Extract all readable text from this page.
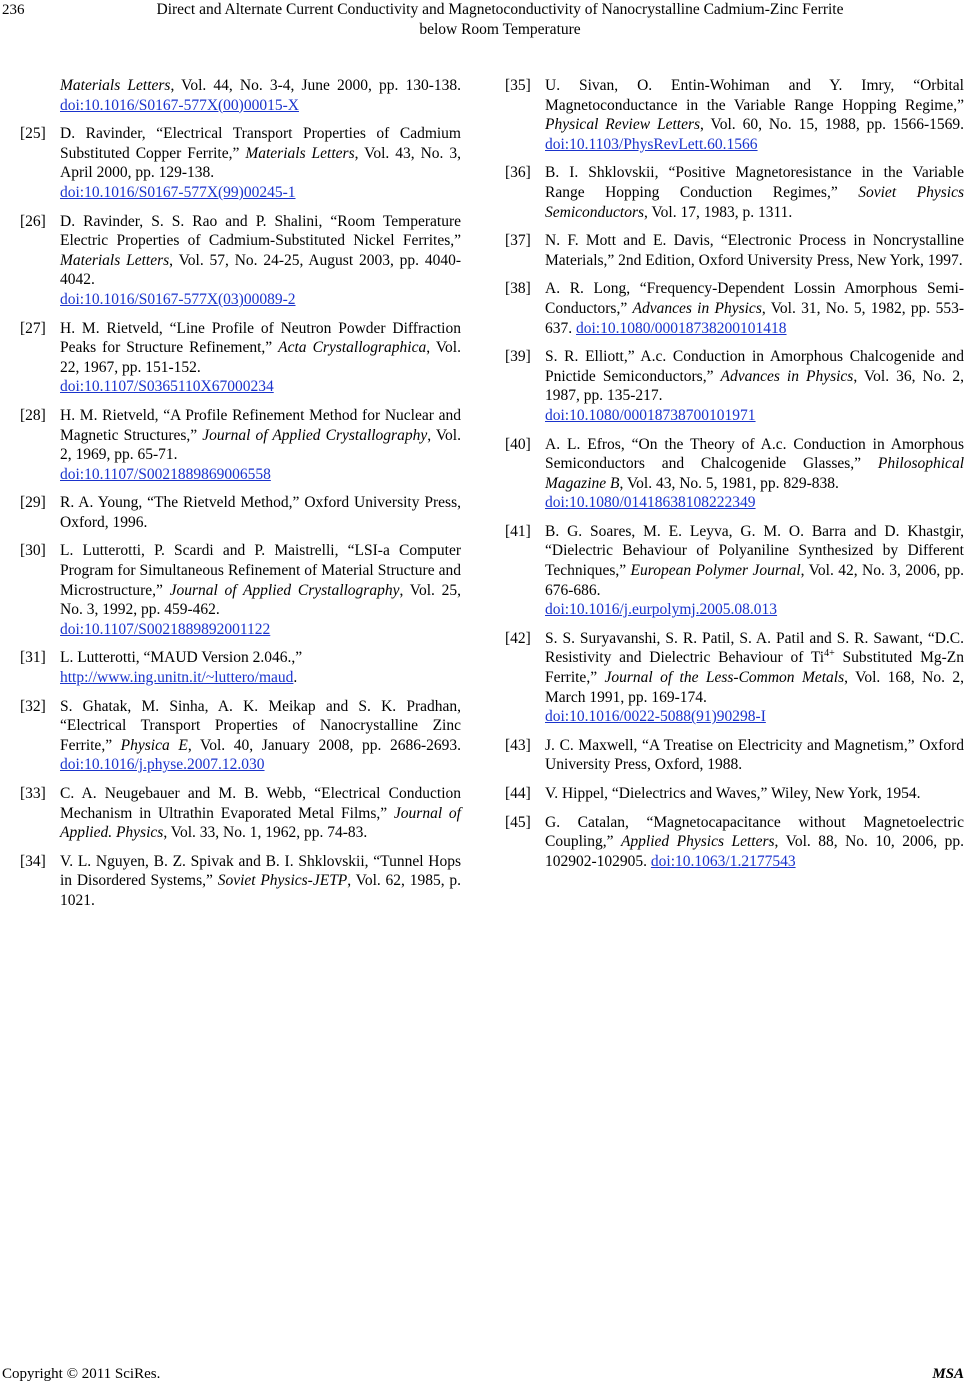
236	Direct and Alternate Current Conductivity and Magnetoconductivity of Nanocrystalline Cadmium-Zinc Ferrite
below Room Temperature
Materials Letters, Vol. 44, No. 3-4, June 2000, pp. 130-138. doi:10.1016/S0167-577X(00)00015-X
[25] D. Ravinder, “Electrical Transport Properties of Cadmium Substituted Copper Ferrite,” Materials Letters, Vol. 43, No. 3, April 2000, pp. 129-138.
doi:10.1016/S0167-577X(99)00245-1
[26] D. Ravinder, S. S. Rao and P. Shalini, “Room Temperature Electric Properties of Cadmium-Substituted Nickel Ferrites,” Materials Letters, Vol. 57, No. 24-25, August 2003, pp. 4040-4042.
doi:10.1016/S0167-577X(03)00089-2
[27] H. M. Rietveld, “Line Profile of Neutron Powder Diffraction Peaks for Structure Refinement,” Acta Crystallographica, Vol. 22, 1967, pp. 151-152.
doi:10.1107/S0365110X67000234
[28] H. M. Rietveld, “A Profile Refinement Method for Nuclear and Magnetic Structures,” Journal of Applied Crystallography, Vol. 2, 1969, pp. 65-71.
doi:10.1107/S0021889869006558
[29] R. A. Young, “The Rietveld Method,” Oxford University Press, Oxford, 1996.
[30] L. Lutterotti, P. Scardi and P. Maistrelli, “LSI-a Computer Program for Simultaneous Refinement of Material Structure and Microstructure,” Journal of Applied Crystallography, Vol. 25, No. 3, 1992, pp. 459-462.
doi:10.1107/S0021889892001122
[31] L. Lutterotti, “MAUD Version 2.046.,”
http://www.ing.unitn.it/~luttero/maud.
[32] S. Ghatak, M. Sinha, A. K. Meikap and S. K. Pradhan, “Electrical Transport Properties of Nanocrystalline Zinc Ferrite,” Physica E, Vol. 40, January 2008, pp. 2686-2693. doi:10.1016/j.physe.2007.12.030
[33] C. A. Neugebauer and M. B. Webb, “Electrical Conduction Mechanism in Ultrathin Evaporated Metal Films,” Journal of Applied. Physics, Vol. 33, No. 1, 1962, pp. 74-83.
[34] V. L. Nguyen, B. Z. Spivak and B. I. Shklovskii, “Tunnel Hops in Disordered Systems,” Soviet Physics-JETP, Vol. 62, 1985, p. 1021.
[35] U. Sivan, O. Entin-Wohiman and Y. Imry, “Orbital Magnetoconductance in the Variable Range Hopping Regime,” Physical Review Letters, Vol. 60, No. 15, 1988, pp. 1566-1569. doi:10.1103/PhysRevLett.60.1566
[36] B. I. Shklovskii, “Positive Magnetoresistance in the Variable Range Hopping Conduction Regimes,” Soviet Physics Semiconductors, Vol. 17, 1983, p. 1311.
[37] N. F. Mott and E. Davis, “Electronic Process in Noncrystalline Materials,” 2nd Edition, Oxford University Press, New York, 1997.
[38] A. R. Long, “Frequency-Dependent Lossin Amorphous Semi-Conductors,” Advances in Physics, Vol. 31, No. 5, 1982, pp. 553-637. doi:10.1080/00018738200101418
[39] S. R. Elliott,” A.c. Conduction in Amorphous Chalcogenide and Pnictide Semiconductors,” Advances in Physics, Vol. 36, No. 2, 1987, pp. 135-217.
doi:10.1080/00018738700101971
[40] A. L. Efros, “On the Theory of A.c. Conduction in Amorphous Semiconductors and Chalcogenide Glasses,” Philosophical Magazine B, Vol. 43, No. 5, 1981, pp. 829-838.
doi:10.1080/01418638108222349
[41] B. G. Soares, M. E. Leyva, G. M. O. Barra and D. Khastgir, “Dielectric Behaviour of Polyaniline Synthesized by Different Techniques,” European Polymer Journal, Vol. 42, No. 3, 2006, pp. 676-686.
doi:10.1016/j.eurpolymj.2005.08.013
[42] S. S. Suryavanshi, S. R. Patil, S. A. Patil and S. R. Sawant, “D.C. Resistivity and Dielectric Behaviour of $Ti^{4+}$ Substituted Mg-Zn Ferrite,” Journal of the Less-Common Metals, Vol. 168, No. 2, March 1991, pp. 169-174.
doi:10.1016/0022-5088(91)90298-I
[43] J. C. Maxwell, “A Treatise on Electricity and Magnetism,” Oxford University Press, Oxford, 1988.
[44] V. Hippel, “Dielectrics and Waves,” Wiley, New York, 1954.
[45] G. Catalan, “Magnetocapacitance without Magnetoelectric Coupling,” Applied Physics Letters, Vol. 88, No. 10, 2006, pp. 102902-102905. doi:10.1063/1.2177543
Copyright © 2011 SciRes.	MSA
